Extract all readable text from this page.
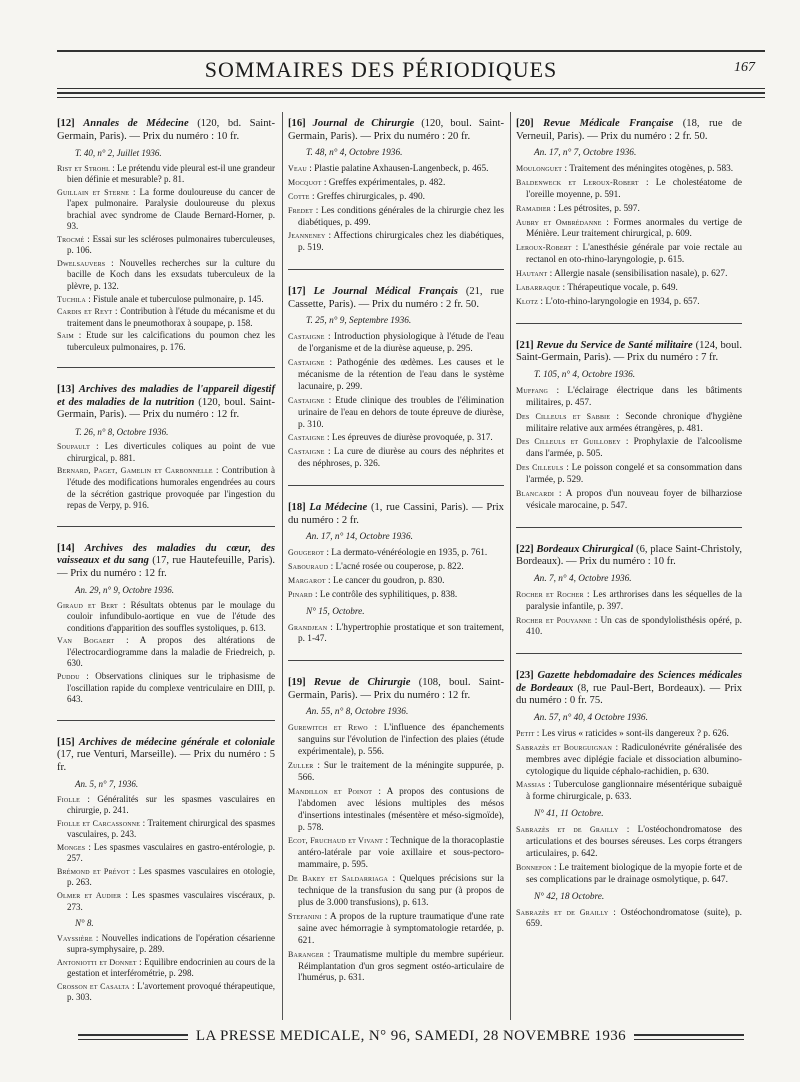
SOMMAIRES DES PÉRIODIQUES	167
[12] Annales de Médecine (120, bd. Saint-Germain, Paris). — Prix du numéro : 10 fr.
T. 40, n° 2, Juillet 1936.
Rist et Strohl : Le prétendu vide pleural est-il une grandeur bien définie et mesurable? p. 81.
Guillain et Sterne : La forme douloureuse du cancer de l'apex pulmonaire. Paralysie douloureuse du plexus brachial avec syndrome de Claude Bernard-Horner, p. 93.
Trocmé : Essai sur les scléroses pulmonaires tuberculeuses, p. 106.
Dwelsauvers : Nouvelles recherches sur la culture du bacille de Koch dans les exsudats tuberculeux de la plèvre, p. 132.
Tuchila : Fistule anale et tuberculose pulmonaire, p. 145.
Cardis et Reyt : Contribution à l'étude du mécanisme et du traitement dans le pneumothorax à soupape, p. 158.
Saim : Etude sur les calcifications du poumon chez les tuberculeux pulmonaires, p. 176.
[13] Archives des maladies de l'appareil digestif et des maladies de la nutrition (120, boul. Saint-Germain, Paris). — Prix du numéro : 12 fr.
T. 26, n° 8, Octobre 1936.
Soupault : Les diverticules coliques au point de vue chirurgical, p. 881.
Bernard, Paget, Gamelin et Carbonnelle : Contribution à l'étude des modifications humorales engendrées au cours de la sécrétion gastrique provoquée par l'ingestion du repas de Verpy, p. 916.
[14] Archives des maladies du cœur, des vaisseaux et du sang (17, rue Hautefeuille, Paris). — Prix du numéro : 12 fr.
An. 29, n° 9, Octobre 1936.
Giraud et Bert : Résultats obtenus par le moulage du couloir infundibulo-aortique en vue de l'étude des conditions d'apparition des souffles systoliques, p. 613.
Van Bogaert : A propos des altérations de l'électrocardiogramme dans la maladie de Friedreich, p. 630.
Puddu : Observations cliniques sur le triphasisme de l'oscillation rapide du complexe ventriculaire en DIII, p. 643.
[15] Archives de médecine générale et coloniale (17, rue Venturi, Marseille). — Prix du numéro : 5 fr.
An. 5, n° 7, 1936.
Fiolle : Généralités sur les spasmes vasculaires en chirurgie, p. 241.
Fiolle et Carcassonne : Traitement chirurgical des spasmes vasculaires, p. 243.
Monges : Les spasmes vasculaires en gastro-entérologie, p. 257.
Brémond et Prévot : Les spasmes vasculaires en otologie, p. 263.
Olmer et Audier : Les spasmes vasculaires viscéraux, p. 273.
N° 8.
Vayssière : Nouvelles indications de l'opération césarienne supra-symphysaire, p. 289.
Antoniotti et Donnet : Equilibre endocrinien au cours de la gestation et interférométrie, p. 298.
Crosson et Casalta : L'avortement provoqué thérapeutique, p. 303.
[16] Journal de Chirurgie (120, boul. Saint-Germain, Paris). — Prix du numéro : 20 fr.
T. 48, n° 4, Octobre 1936.
Veau : Plastie palatine Axhausen-Langenbeck, p. 465.
Mocquot : Greffes expérimentales, p. 482.
Cotte : Greffes chirurgicales, p. 490.
Fredet : Les conditions générales de la chirurgie chez les diabétiques, p. 499.
Jeanneney : Affections chirurgicales chez les diabétiques, p. 519.
[17] Le Journal Médical Français (21, rue Cassette, Paris). — Prix du numéro : 2 fr. 50.
T. 25, n° 9, Septembre 1936.
Castaigne : Introduction physiologique à l'étude de l'eau de l'organisme et de la diurèse aqueuse, p. 295.
Castaigne : Pathogénie des œdèmes. Les causes et le mécanisme de la rétention de l'eau dans le système lacunaire, p. 299.
Castaigne : Etude clinique des troubles de l'élimination urinaire de l'eau en dehors de toute épreuve de diurèse, p. 310.
Castaigne : Les épreuves de diurèse provoquée, p. 317.
Castaigne : La cure de diurèse au cours des néphrites et des néphroses, p. 326.
[18] La Médecine (1, rue Cassini, Paris). — Prix du numéro : 2 fr.
An. 17, n° 14, Octobre 1936.
Gougerot : La dermato-vénéréologie en 1935, p. 761.
Sabouraud : L'acné rosée ou couperose, p. 822.
Margarot : Le cancer du goudron, p. 830.
Pinard : Le contrôle des syphilitiques, p. 838.
N° 15, Octobre.
Grandjean : L'hypertrophie prostatique et son traitement, p. 1-47.
[19] Revue de Chirurgie (108, boul. Saint-Germain, Paris). — Prix du numéro : 12 fr.
An. 55, n° 8, Octobre 1936.
Gurewitch et Rewo : L'influence des épanchements sanguins sur l'évolution de l'infection des plaies (étude expérimentale), p. 556.
Zuller : Sur le traitement de la méningite suppurée, p. 566.
Mandillon et Poinot : A propos des contusions de l'abdomen avec lésions multiples des mésos d'insertions intestinales (mésentère et méso-sigmoïde), p. 578.
Ecot, Fruchaud et Vivant : Technique de la thoracoplastie antéro-latérale par voie axillaire et sous-pectoro-mammaire, p. 595.
De Bakey et Saldarriaga : Quelques précisions sur la technique de la transfusion du sang pur (à propos de plus de 3.000 transfusions), p. 613.
Stefanini : A propos de la rupture traumatique d'une rate saine avec hémorragie à symptomatologie retardée, p. 621.
Baranger : Traumatisme multiple du membre supérieur. Réimplantation d'un gros segment ostéo-articulaire de l'humérus, p. 631.
[20] Revue Médicale Française (18, rue de Verneuil, Paris). — Prix du numéro : 2 fr. 50.
An. 17, n° 7, Octobre 1936.
Moulonguet : Traitement des méningites otogènes, p. 583.
Baldenweck et Leroux-Robert : Le cholestéatome de l'oreille moyenne, p. 591.
Ramadier : Les pétrosites, p. 597.
Aubry et Ombrédanne : Formes anormales du vertige de Ménière. Leur traitement chirurgical, p. 609.
Leroux-Robert : L'anesthésie générale par voie rectale au rectanol en oto-rhino-laryngologie, p. 615.
Hautant : Allergie nasale (sensibilisation nasale), p. 627.
Labarraque : Thérapeutique vocale, p. 649.
Klotz : L'oto-rhino-laryngologie en 1934, p. 657.
[21] Revue du Service de Santé militaire (124, boul. Saint-Germain, Paris). — Prix du numéro : 7 fr.
T. 105, n° 4, Octobre 1936.
Muffang : L'éclairage électrique dans les bâtiments militaires, p. 457.
Des Cilleuls et Sabbie : Seconde chronique d'hygiène militaire relative aux armées étrangères, p. 481.
Des Cilleuls et Guillobey : Prophylaxie de l'alcoolisme dans l'armée, p. 505.
Des Cilleuls : Le poisson congelé et sa consommation dans l'armée, p. 529.
Blancardi : A propos d'un nouveau foyer de bilharziose vésicale marocaine, p. 547.
[22] Bordeaux Chirurgical (6, place Saint-Christoly, Bordeaux). — Prix du numéro : 10 fr.
An. 7, n° 4, Octobre 1936.
Rocher et Rocher : Les arthrorises dans les séquelles de la paralysie infantile, p. 397.
Rocher et Pouyanne : Un cas de spondylolisthésis opéré, p. 410.
[23] Gazette hebdomadaire des Sciences médicales de Bordeaux (8, rue Paul-Bert, Bordeaux). — Prix du numéro : 0 fr. 75.
An. 57, n° 40, 4 Octobre 1936.
Petit : Les virus « raticides » sont-ils dangereux ? p. 626.
Sabrazès et Bourguignan : Radiculonévrite généralisée des membres avec diplégie faciale et dissociation albumino-cytologique du liquide céphalo-rachidien, p. 630.
Massias : Tuberculose ganglionnaire mésentérique subaiguë à forme chirurgicale, p. 633.
N° 41, 11 Octobre.
Sabrazès et de Grailly : L'ostéochondromatose des articulations et des bourses séreuses. Les corps étrangers articulaires, p. 642.
Bonnefon : Le traitement biologique de la myopie forte et de ses complications par le drainage osmolytique, p. 647.
N° 42, 18 Octobre.
Sabrazès et de Grailly : Ostéochondromatose (suite), p. 659.
LA PRESSE MEDICALE, N° 96, SAMEDI, 28 NOVEMBRE 1936
